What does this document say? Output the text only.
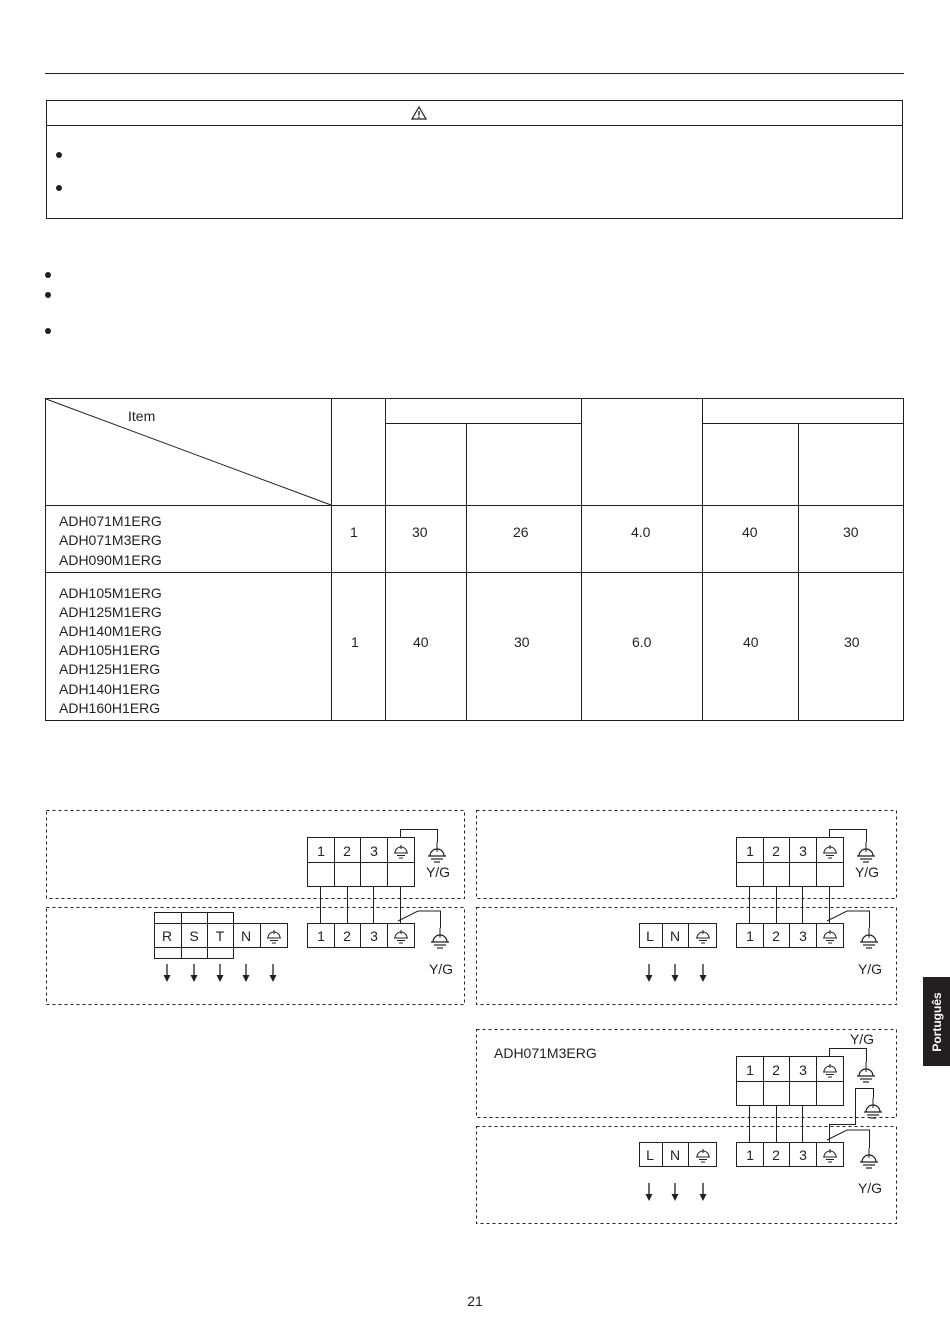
Item
ADH071M1ERG
ADH071M3ERG
ADH090M1ERG
1	30	26	4.0	40	30
ADH105M1ERG
ADH125M1ERG
ADH140M1ERG
ADH105H1ERG
ADH125H1ERG
ADH140H1ERG
ADH160H1ERG
1	40	30	6.0	40	30
1 2 3
1 2 3
R S T N
Y/G
Y/G
1 2 3
1 2 3
L N
Y/G
Y/G
1 2 3
1 2 3
L N
Y/G
Y/G
ADH071M3ERG
Português
21
